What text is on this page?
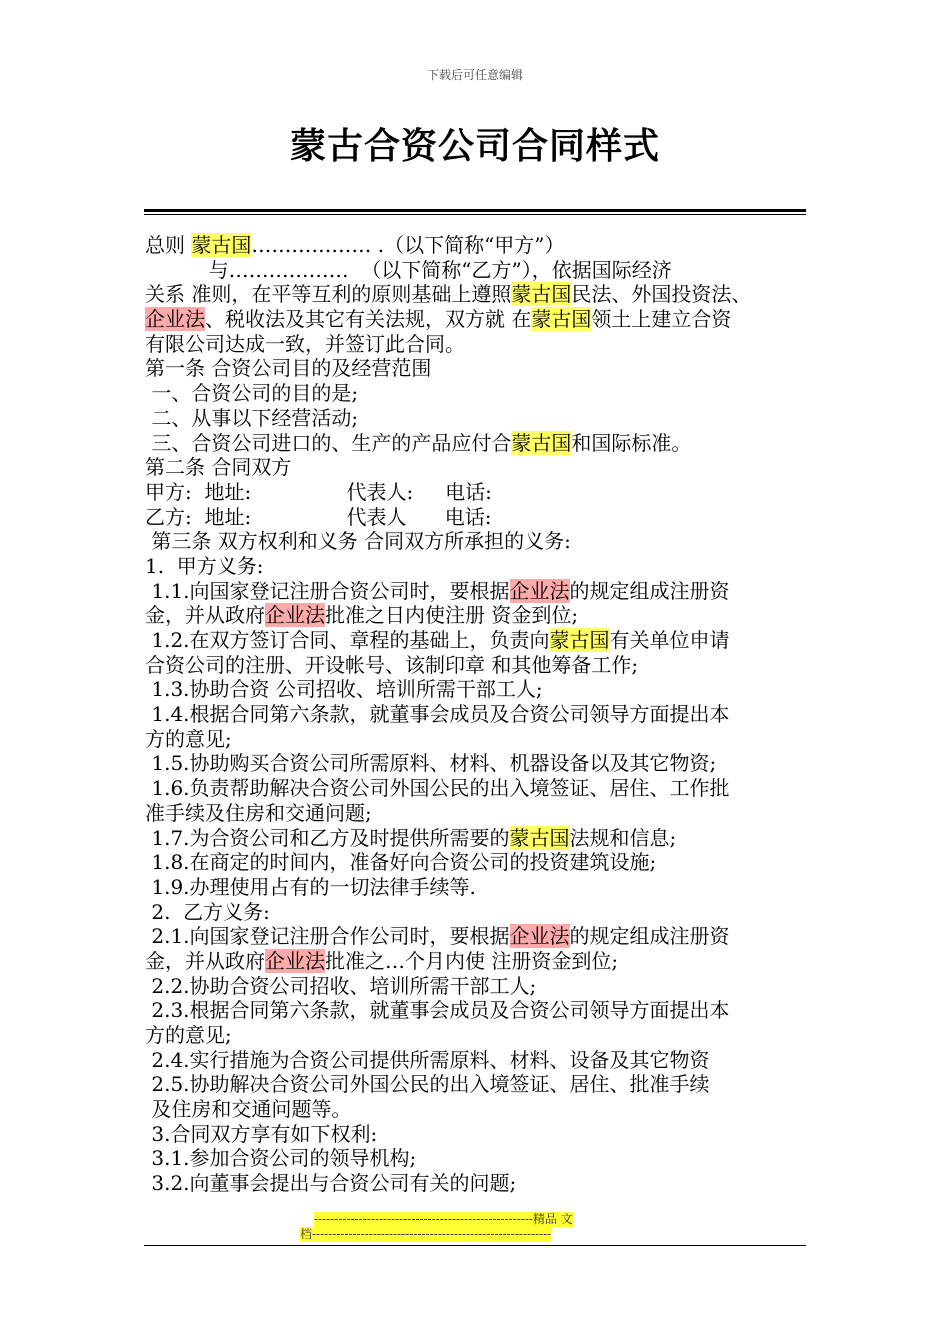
下载后可任意编辑
蒙古合资公司合同样式
总则 蒙古国……………… .（以下简称“甲方”）
与………………  （以下简称“乙方”），依据国际经济
关系 准则，在平等互利的原则基础上遵照蒙古国民法、外国投资法、
企业法、税收法及其它有关法规，双方就 在蒙古国领土上建立合资
有限公司达成一致，并签订此合同。
第一条 合资公司目的及经营范围
一、合资公司的目的是;
二、从事以下经营活动;
三、合资公司进口的、生产的产品应付合蒙古国和国际标准。
第二条 合同双方
甲方:  地址:               代表人:     电话:
乙方:  地址:               代表人      电话:
第三条 双方权利和义务 合同双方所承担的义务:
1.  甲方义务:
1.1.向国家登记注册合资公司时，要根据企业法的规定组成注册资
金，并从政府企业法批准之日内使注册 资金到位;
1.2.在双方签订合同、章程的基础上，负责向蒙古国有关单位申请
合资公司的注册、开设帐号、该制印章 和其他筹备工作;
1.3.协助合资 公司招收、培训所需干部工人;
1.4.根据合同第六条款，就董事会成员及合资公司领导方面提出本
方的意见;
1.5.协助购买合资公司所需原料、材料、机器设备以及其它物资;
1.6.负责帮助解决合资公司外国公民的出入境签证、居住、工作批
准手续及住房和交通问题;
1.7.为合资公司和乙方及时提供所需要的蒙古国法规和信息;
1.8.在商定的时间内，准备好向合资公司的投资建筑设施;
1.9.办理使用占有的一切法律手续等.
2.  乙方义务:
2.1.向国家登记注册合作公司时，要根据企业法的规定组成注册资
金，并从政府企业法批准之…个月内使 注册资金到位;
2.2.协助合资公司招收、培训所需干部工人;
2.3.根据合同第六条款，就董事会成员及合资公司领导方面提出本
方的意见;
2.4.实行措施为合资公司提供所需原料、材料、设备及其它物资
2.5.协助解决合资公司外国公民的出入境签证、居住、批准手续
及住房和交通问题等。
3.合同双方享有如下权利:
3.1.参加合资公司的领导机构;
3.2.向董事会提出与合资公司有关的问题;
------------------------------------------------------精品 文
档-----------------------------------------------------------
